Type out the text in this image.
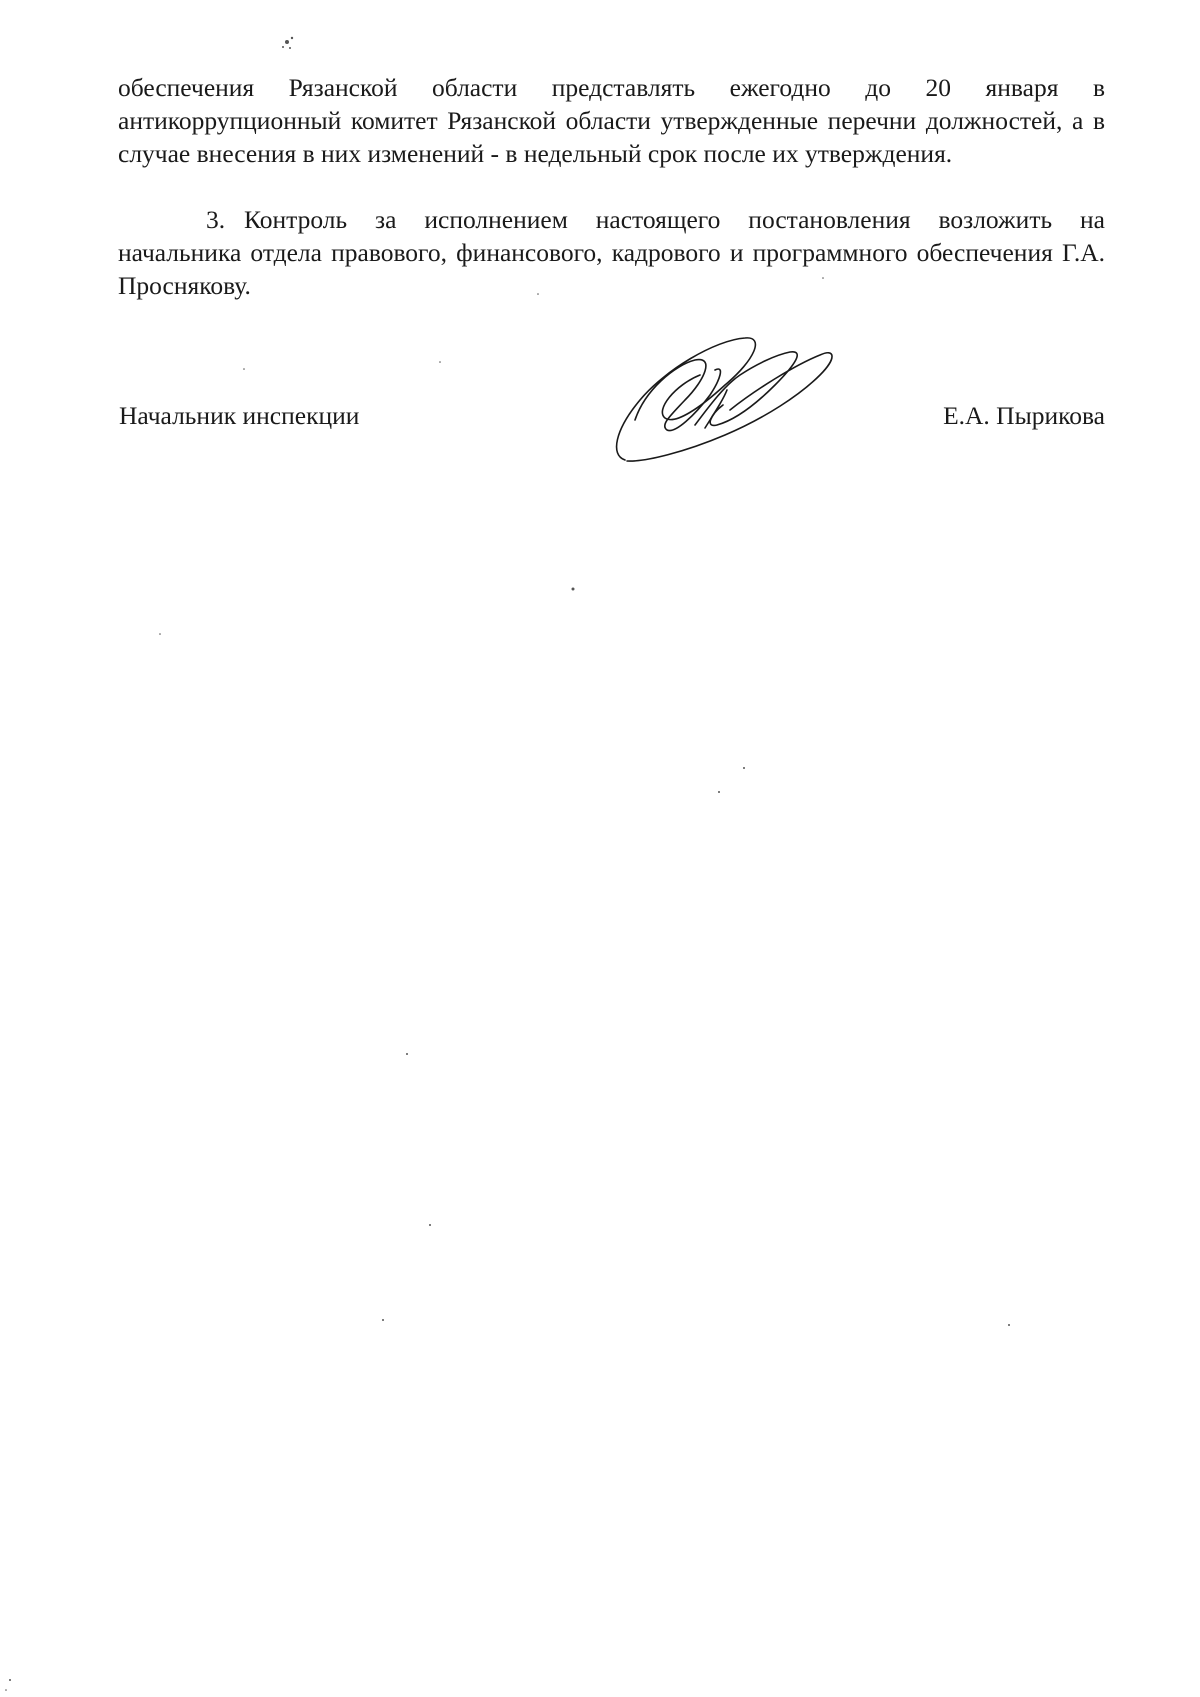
обеспечения Рязанской области представлять ежегодно до 20 января в антикоррупционный комитет Рязанской области утвержденные перечни должностей, а в случае внесения в них изменений - в недельный срок после их утверждения.

3. Контроль за исполнением настоящего постановления возложить на начальника отдела правового, финансового, кадрового и программного обеспечения Г.А. Проснякову.

Начальник инспекции	Е.А. Пырикова
